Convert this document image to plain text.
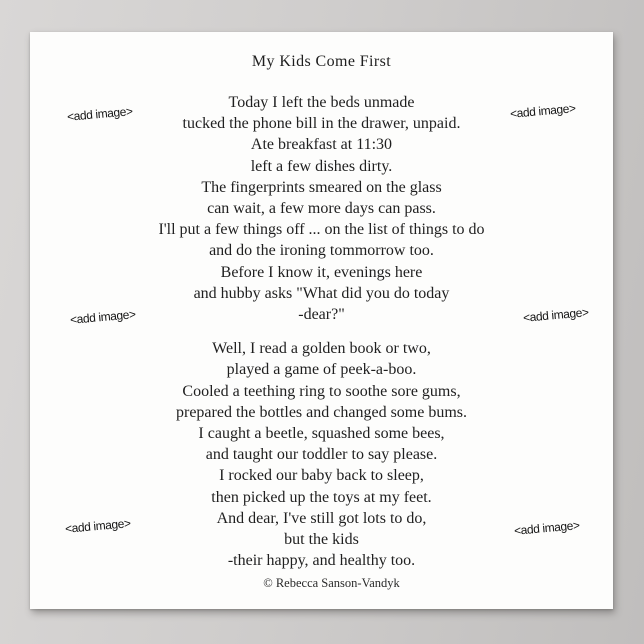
<add image>	<add image>
<add image>	<add image>
<add image>	<add image>
My Kids Come First
Today I left the beds unmade
tucked the phone bill in the drawer, unpaid.
Ate breakfast at 11:30
left a few dishes dirty.
The fingerprints smeared on the glass
can wait, a few more days can pass.
I'll put a few things off ... on the list of things to do
and do the ironing tommorrow too.
Before I know it, evenings here
and hubby asks "What did you do today
-dear?"
Well, I read a golden book or two,
played a game of peek-a-boo.
Cooled a teething ring to soothe sore gums,
prepared the bottles and changed some bums.
I caught a beetle, squashed some bees,
and taught our toddler to say please.
I rocked our baby back to sleep,
then picked up the toys at my feet.
And dear, I've still got lots to do,
but the kids
-their happy, and healthy too.
© Rebecca Sanson-Vandyk
